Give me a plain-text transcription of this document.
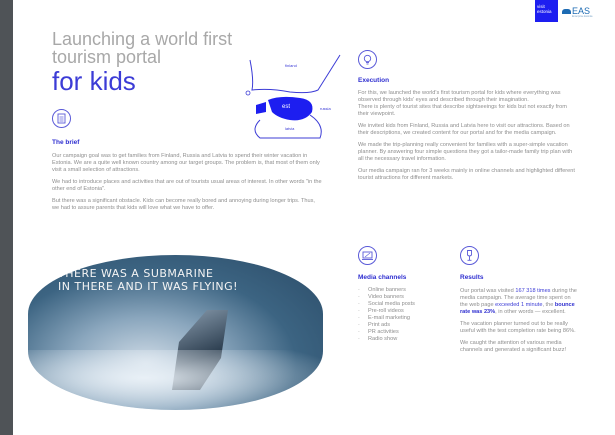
visit estonia	EAS
Enterprise Estonia
Launching a world first
tourism portal
for kids
finland
est	russia
latvia
The brief

Our campaign goal was to get families from Finland, Russia and Latvia to spend their winter vacation in Estonia. We are a quite well known country among our target groups. The problem is, that most of them only visit a small selection of attractions.

We had to introduce places and activities that are out of tourists usual areas of interest. In other words "in the other end of Estonia".

But there was a significant obstacle. Kids can become really bored and annoying during longer trips. Thus, we had to assure parents that kids will love what we have to offer.

THERE WAS A SUBMARINE
IN THERE AND IT WAS FLYING!
Execution

For this, we launched the world's first tourism portal for kids where everything was observed through kids' eyes and described through their imagination.

There is plenty of tourist sites that describe sightseeings for kids but not exactly from their viewpoint.

We invited kids from Finland, Russia and Latvia here to visit our attractions. Based on their descriptions, we created content for our portal and for the media campaign.

We made the trip-planning really convenient for families with a super-simple vacation planner. By answering four simple questions they got a tailor-made family trip plan with all the necessary travel information.

Our media campaign ran for 3 weeks mainly in online channels and highlighted different tourist attractions for different markets.

Media channels
· Online banners
· Video banners
· Social media posts
· Pre-roll videos
· E-mail marketing
· Print ads
· PR activities
· Radio show
Results

Our portal was visited 167 318 times during the media campaign. The average time spent on the web page exceeded 1 minute, the bounce rate was 23%, in other words — excellent.

The vacation planner turned out to be really useful with the test completion rate being 86%.

We caught the attention of various media channels and generated a significant buzz!
